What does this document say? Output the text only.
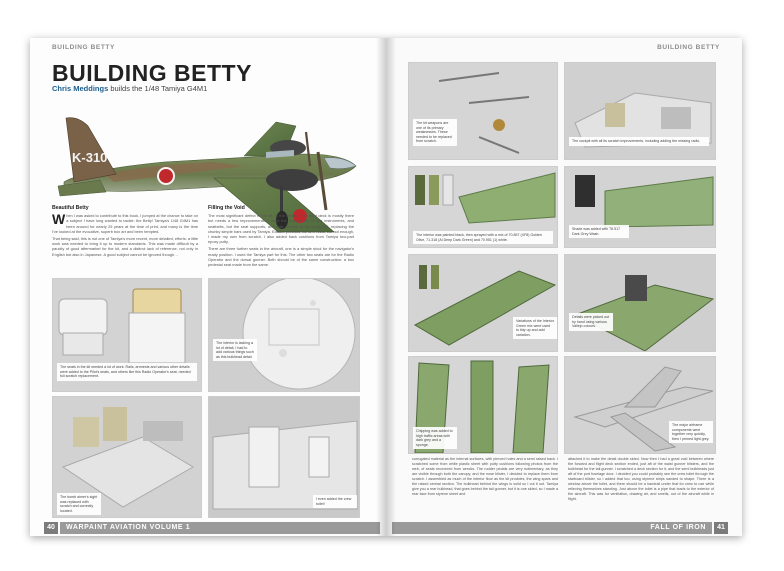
BUILDING BETTY
K-310
BUILDING BETTY
Chris Meddings builds the 1/48 Tamiya G4M1
Beautiful Betty

When I was asked to contribute to this book, I jumped at the chance to take on a subject I have long wanted to tackle: the Betty! Tamiya's 1/48 G4M1 has been around for nearly 25 years at the time of print, and many is the time I've looked at the evocative, superb box art and been tempted.

That being said, this is not one of Tamiya's more recent, more detailed, efforts: a little work was needed to bring it up to modern standards. This was made difficult by a paucity of good aftermarket for the kit, and a distinct lack of reference, not only in English but also in Japanese. A good subject cannot be ignored though…

Filling the Void

The most significant defect in the kit, is the interior. The flight deck is mostly there but needs a few improvements. I used the Eduard set for the instruments, and seatbelts, but the seat supports, and rails needed to be scratched, replacing the chunky simple bars used by Tamiya. Eduard provides the arm rests, but not enough, I made my own from scratch. I also added back cushions from Tamiya two-part epoxy putty.

There are three further seats in the aircraft, one is a simple stool for the navigator's ready position. I used the Tamiya part for this. The other two seats are for the Radio Operator and the dorsal gunner. Both should be of the same construction: a box pedestal seat made from the same.

The seats in the kit needed a lot of work. Rails, armrests and various other details were added to the Pilot's seats, and others like this Radio Operator's seat, needed full scratch replacement.
The interior is lacking a lot of detail, I had to add various things such as this bulkhead detail.
The bomb aimer's sight was replaced with scratch and correctly located.
I even added the crew toilet!
40	WARPAINT AVIATION VOLUME 1
BUILDING BETTY
The kit weapons are one of its primary weaknesses. These needed to be replaced from scratch.	The cockpit with all its scratch improvements, including adding the missing radio.
The interior was painted black, then sprayed with a mix of 70.857 (XF8) Golden Olive, 71.318 (Al Deep Dark Green) and 70.951 (1) white.
Shade was added with 76.517 Dark Grey Wash.
Variations of the Interior Green mix were used to tidy up and add variation.
Details were picked out by hand using various Vallejo colours.
Chipping was added to high traffic areas with dark grey and a sponge.
The major airframe components went together very quickly, then I primed light grey.
corrugated material as the internal surfaces, with pierced holes and a semi raised back. I scratched some from white plastic sheet with putty cushions following photos from the web, of seats recovered from wrecks. The rudder pedals are very rudimentary, as they are visible through both the canopy, and the nose blister, I decided to replace them from scratch. I assembled as much of the interior floor as the kit provides, the wing spars and the raised central section. The bulkhead behind the wings is solid so I cut it out. Tamiya give you a rear bulkhead, that goes behind the tail gunner, but it is one sided, so I made a rear face from styrene sheet and
attached it to make the detail double sided. Now then I had a great void between where the forward and flight deck section ended, just aft of the waist gunner blisters, and the bulkhead for the tail gunner. I scratched a deck section for it, and the semi bulkheads just aft of the port fuselage door. I decided you could probably see the crew toilet through the starboard blister, so I added that too, using styrene strips sanded to shape. There is a window above the toilet, and there should be a handrail under that for crew to use while relieving themselves standing. Just above the toilet is a pipe that leads to the exterior of the aircraft. This was for ventilation, drawing air, and smells, out of the aircraft while in flight.
FALL OF IRON	41
